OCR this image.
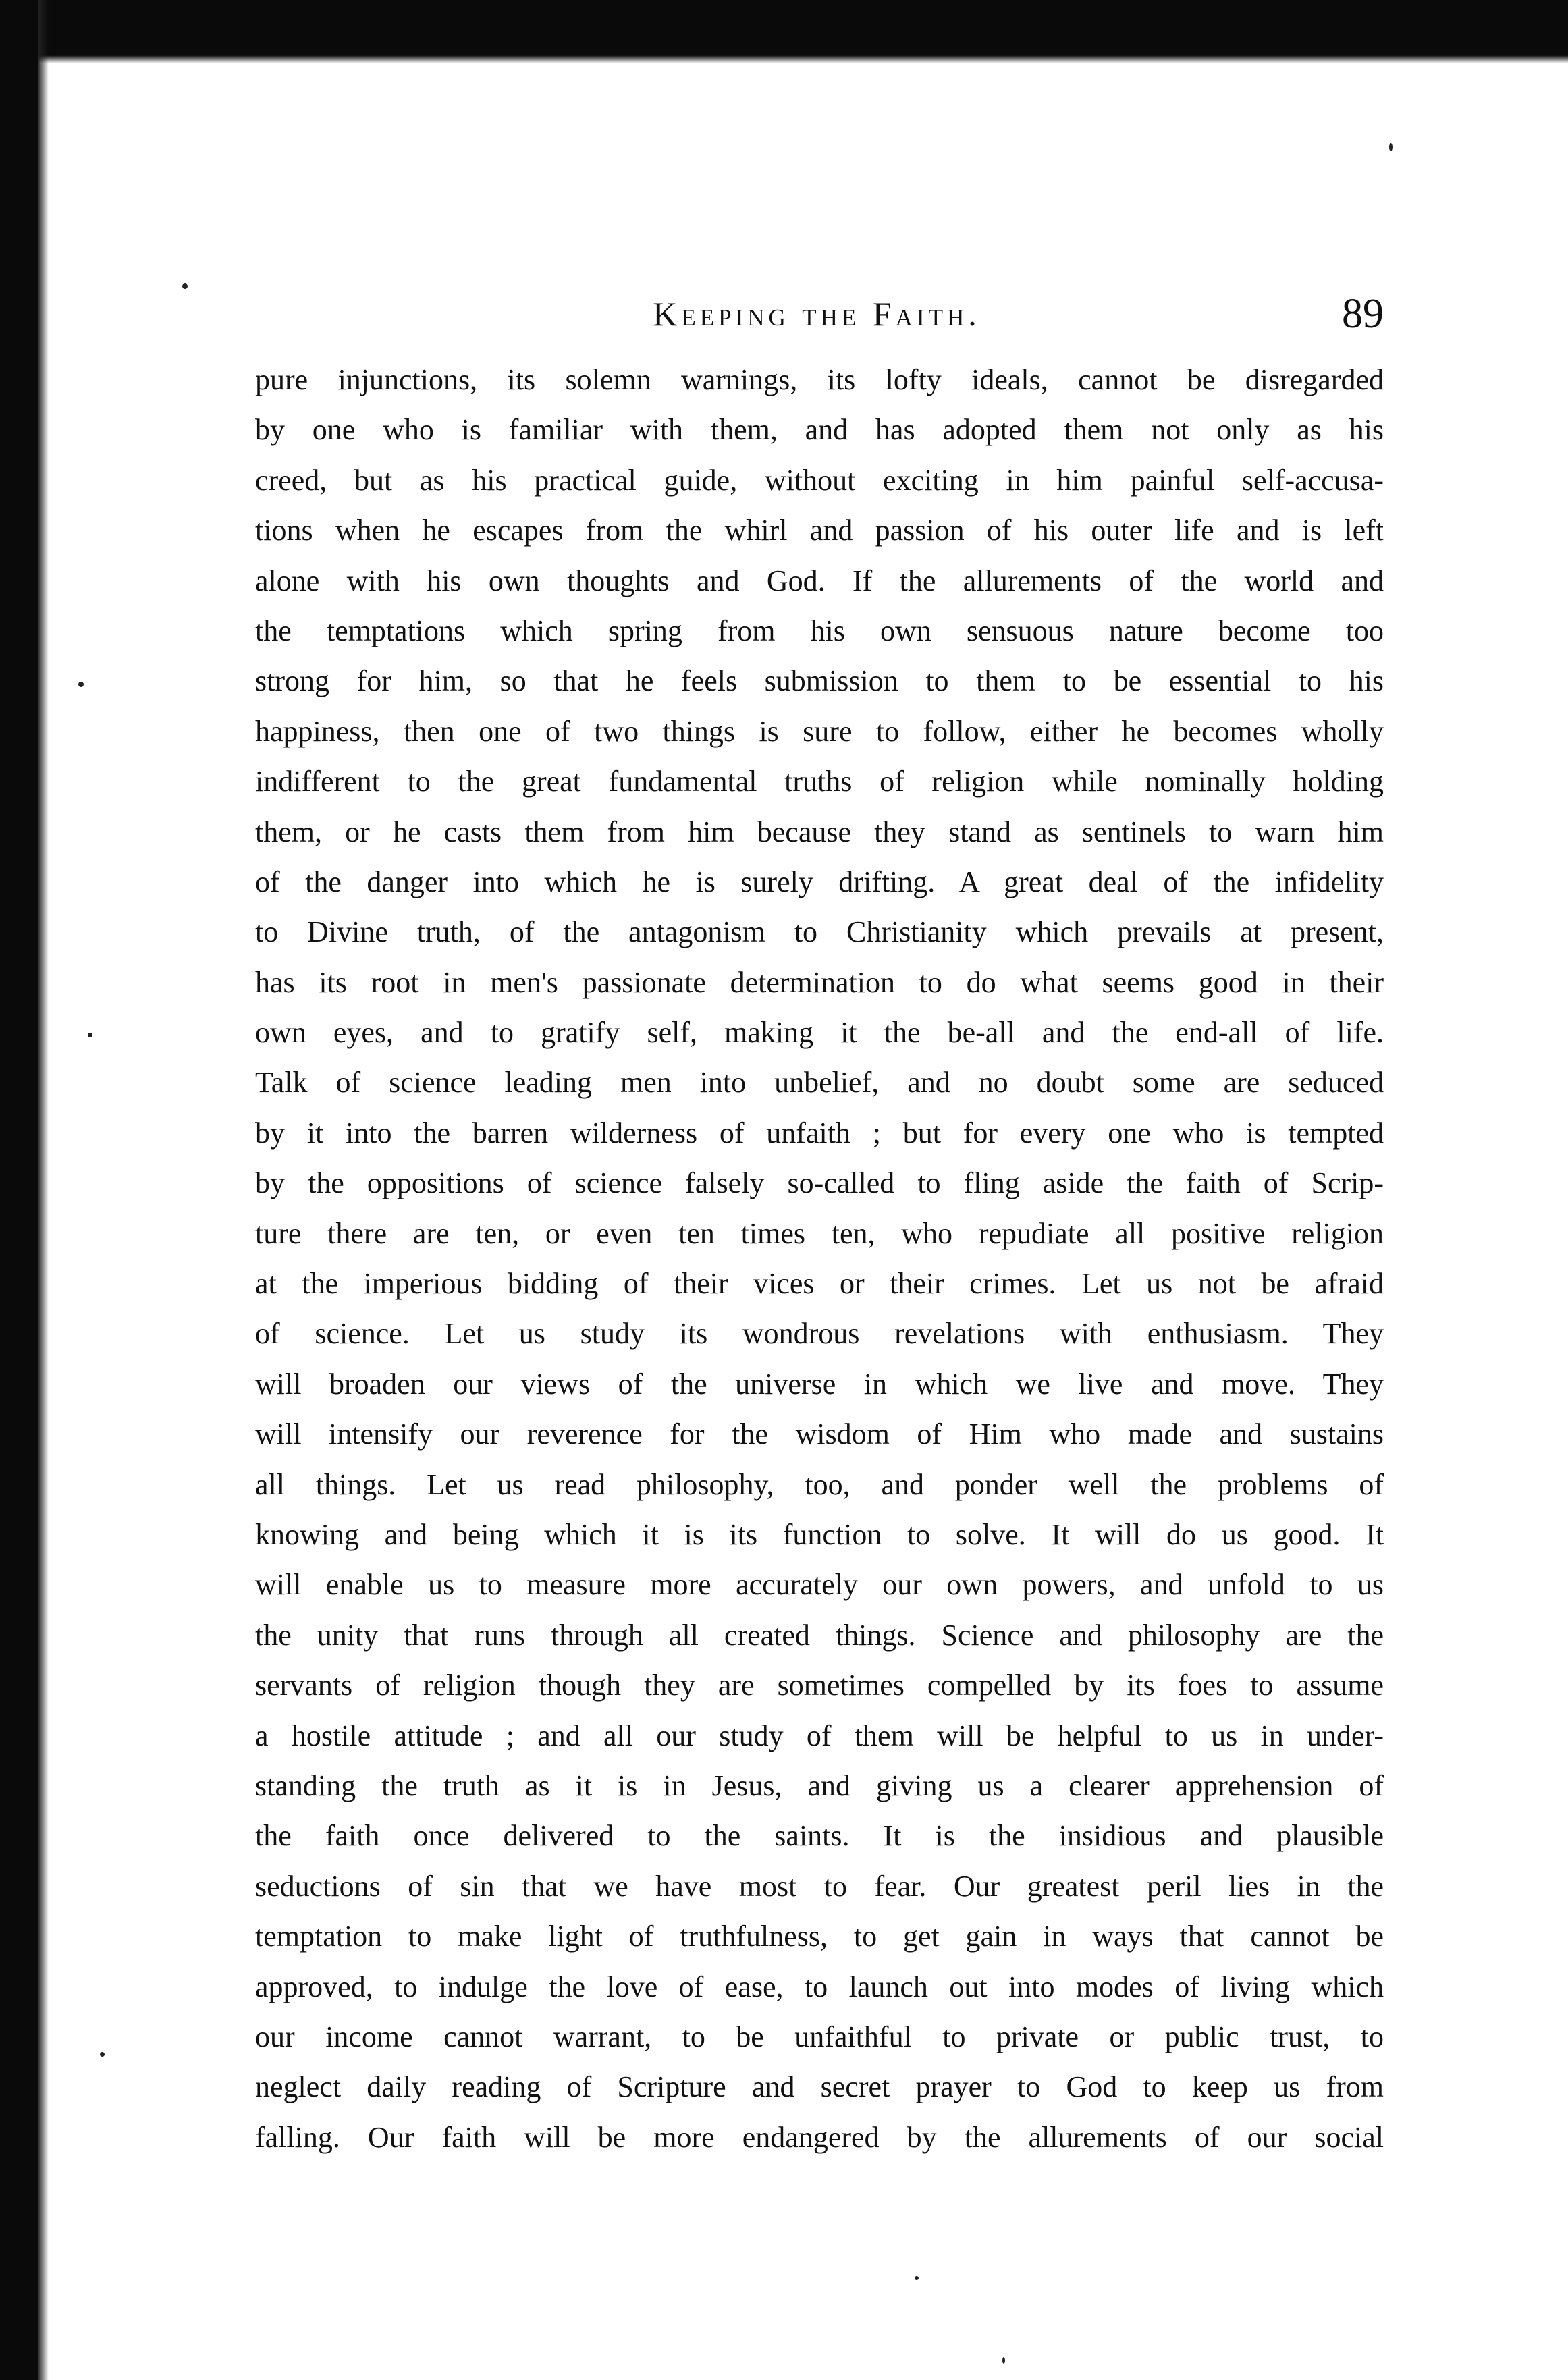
Keeping the Faith.	89
pure injunctions, its solemn warnings, its lofty ideals, cannot be disregarded
by one who is familiar with them, and has adopted them not only as his
creed, but as his practical guide, without exciting in him painful self-accusa-
tions when he escapes from the whirl and passion of his outer life and is left
alone with his own thoughts and God. If the allurements of the world and
the temptations which spring from his own sensuous nature become too
strong for him, so that he feels submission to them to be essential to his
happiness, then one of two things is sure to follow, either he becomes wholly
indifferent to the great fundamental truths of religion while nominally holding
them, or he casts them from him because they stand as sentinels to warn him
of the danger into which he is surely drifting. A great deal of the infidelity
to Divine truth, of the antagonism to Christianity which prevails at present,
has its root in men's passionate determination to do what seems good in their
own eyes, and to gratify self, making it the be-all and the end-all of life.
Talk of science leading men into unbelief, and no doubt some are seduced
by it into the barren wilderness of unfaith ; but for every one who is tempted
by the oppositions of science falsely so-called to fling aside the faith of Scrip-
ture there are ten, or even ten times ten, who repudiate all positive religion
at the imperious bidding of their vices or their crimes. Let us not be afraid
of science. Let us study its wondrous revelations with enthusiasm. They
will broaden our views of the universe in which we live and move. They
will intensify our reverence for the wisdom of Him who made and sustains
all things. Let us read philosophy, too, and ponder well the problems of
knowing and being which it is its function to solve. It will do us good. It
will enable us to measure more accurately our own powers, and unfold to us
the unity that runs through all created things. Science and philosophy are the
servants of religion though they are sometimes compelled by its foes to assume
a hostile attitude ; and all our study of them will be helpful to us in under-
standing the truth as it is in Jesus, and giving us a clearer apprehension of
the faith once delivered to the saints. It is the insidious and plausible
seductions of sin that we have most to fear. Our greatest peril lies in the
temptation to make light of truthfulness, to get gain in ways that cannot be
approved, to indulge the love of ease, to launch out into modes of living which
our income cannot warrant, to be unfaithful to private or public trust, to
neglect daily reading of Scripture and secret prayer to God to keep us from
falling. Our faith will be more endangered by the allurements of our social
